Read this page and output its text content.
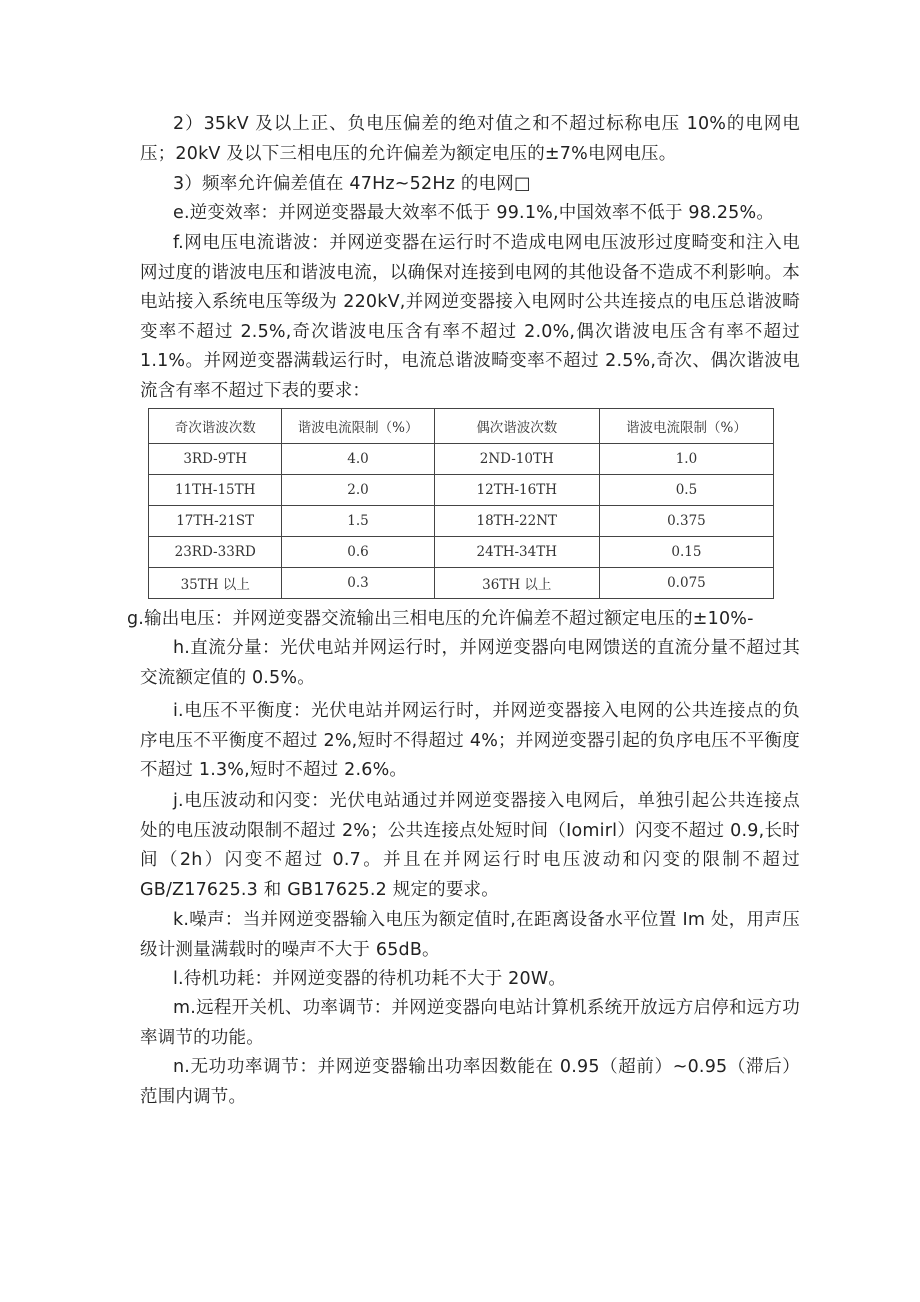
2）35kV 及以上正、负电压偏差的绝对值之和不超过标称电压 10%的电网电压；20kV 及以下三相电压的允许偏差为额定电压的±7%电网电压。

3）频率允许偏差值在 47Hz~52Hz 的电网□

e.逆变效率：并网逆变器最大效率不低于 99.1%,中国效率不低于 98.25%。

f.网电压电流谐波：并网逆变器在运行时不造成电网电压波形过度畸变和注入电网过度的谐波电压和谐波电流，以确保对连接到电网的其他设备不造成不利影响。本电站接入系统电压等级为 220kV,并网逆变器接入电网时公共连接点的电压总谐波畸变率不超过 2.5%,奇次谐波电压含有率不超过 2.0%,偶次谐波电压含有率不超过 1.1%。并网逆变器满载运行时，电流总谐波畸变率不超过 2.5%,奇次、偶次谐波电流含有率不超过下表的要求：

奇次谐波次数	谐波电流限制（%）	偶次谐波次数	谐波电流限制（%）
3RD-9TH	4.0	2ND-10TH	1.0
11TH-15TH	2.0	12TH-16TH	0.5
17TH-21ST	1.5	18TH-22NT	0.375
23RD-33RD	0.6	24TH-34TH	0.15
35TH 以上	0.3	36TH 以上	0.075

g.输出电压：并网逆变器交流输出三相电压的允许偏差不超过额定电压的±10%-

h.直流分量：光伏电站并网运行时，并网逆变器向电网馈送的直流分量不超过其交流额定值的 0.5%。

i.电压不平衡度：光伏电站并网运行时，并网逆变器接入电网的公共连接点的负序电压不平衡度不超过 2%,短时不得超过 4%；并网逆变器引起的负序电压不平衡度不超过 1.3%,短时不超过 2.6%。

j.电压波动和闪变：光伏电站通过并网逆变器接入电网后，单独引起公共连接点处的电压波动限制不超过 2%；公共连接点处短时间（Iomirl）闪变不超过 0.9,长时间（2h）闪变不超过 0.7。并且在并网运行时电压波动和闪变的限制不超过 GB/Z17625.3 和 GB17625.2 规定的要求。

k.噪声：当并网逆变器输入电压为额定值时,在距离设备水平位置 Im 处，用声压级计测量满载时的噪声不大于 65dB。

l.待机功耗：并网逆变器的待机功耗不大于 20W。

m.远程开关机、功率调节：并网逆变器向电站计算机系统开放远方启停和远方功率调节的功能。

n.无功功率调节：并网逆变器输出功率因数能在 0.95（超前）~0.95（滞后）范围内调节。
